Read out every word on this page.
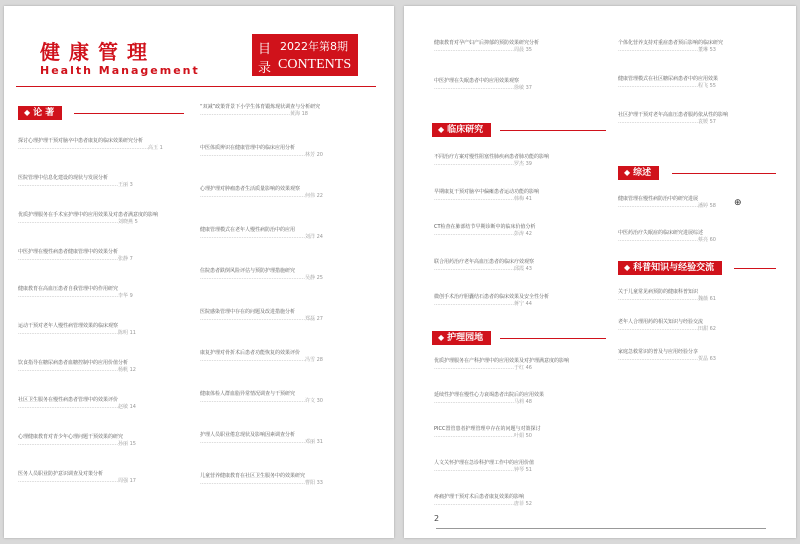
健康管理
Health Management
目 2022年第8期
录 CONTENTS
◆ 论 著
探讨心理护理干预对脑卒中患者康复的临床效果研究分析
……………………………………………………………………高玉 1
医院管理中信息化建设的现状与发展分析
……………………………………………………王丽 3
优质护理服务在手术室护理中的应用效果及对患者满意度的影响
……………………………………………………刘晓燕 5
中医护理在慢性病患者健康管理中的效果分析
……………………………………………………张静 7
健康教育在高血压患者自我管理中的作用研究
……………………………………………………李华 9
运动干预对老年人慢性病管理效果的临床观察
……………………………………………………陈明 11
饮食指导在糖尿病患者血糖控制中的应用价值分析
……………………………………………………杨帆 12
社区卫生服务在慢性病患者管理中的效果评价
……………………………………………………赵敏 14
心理健康教育对青少年心理问题干预效果的研究
……………………………………………………孙丽 15
医务人员职业防护意识调查及对策分析
……………………………………………………周强 17
“双减”政策背景下小学生体育锻炼现状调查与分析研究
………………………………………………黄海 18
中医体质辨识在健康管理中的临床应用分析
………………………………………………………林芳 20
心理护理对肿瘤患者生活质量影响的效果观察
………………………………………………………何伟 22
健康管理模式在老年人慢性病防治中的应用
………………………………………………………刘洋 24
住院患者跌倒风险评估与预防护理措施研究
………………………………………………………吴静 25
医院感染管理中存在的问题及改进措施分析
………………………………………………………郑磊 27
康复护理对骨折术后患者功能恢复的效果评价
………………………………………………………冯雪 28
健康体检人群血脂异常情况调查与干预研究
………………………………………………………许文 30
护理人员职业倦怠现状及影响因素调查分析
………………………………………………………邓丽 31
儿童营养健康教育在社区卫生服务中的效果研究
………………………………………………………曹阳 33
健康教育对孕产妇产后抑郁的预防效果研究分析
…………………………………………周晨 35
中医护理在失眠患者中的应用效果观察
…………………………………………徐敏 37
◆ 临床研究
不同治疗方案对慢性阻塞性肺疾病患者肺功能的影响
…………………………………………罗杰 39
早期康复干预对脑卒中偏瘫患者运动功能的影响
…………………………………………韩梅 41
CT检查在肺部结节早期诊断中的临床价值分析
…………………………………………彭涛 42
联合用药治疗老年高血压患者的临床疗效观察
…………………………………………邱霞 43
微创手术治疗胆囊结石患者的临床效果及安全性分析
…………………………………………蒋宁 44
◆ 护理园地
优质护理服务在产科护理中的应用效果及对护理满意度的影响
…………………………………………于红 46
延续性护理在慢性心力衰竭患者出院后的应用效果
…………………………………………马莉 48
PICC置管患者护理管理中存在的问题与对策探讨
…………………………………………叶娟 50
人文关怀护理在急诊科护理工作中的应用价值
…………………………………………钟琴 51
疼痛护理干预对术后患者康复效果的影响
…………………………………………唐菲 52
个体化营养支持对重症患者预后影响的临床研究
…………………………………………董琳 53
健康管理模式在社区糖尿病患者中的应用效果
…………………………………………程飞 55
社区护理干预对老年高血压患者服药依从性的影响
…………………………………………袁媛 57
◆ 综述
健康管理在慢性病防治中的研究进展
…………………………………………潘婷 58
中医药治疗失眠症的临床研究进展综述
…………………………………………蔡亮 60
⊕
◆ 科普知识与经验交流
关于儿童常见病预防的健康科普知识
…………………………………………魏薇 61
老年人合理用药的相关知识与经验交流
…………………………………………田甜 62
家庭急救常识的普及与应用经验分享
…………………………………………贺晶 63
2
